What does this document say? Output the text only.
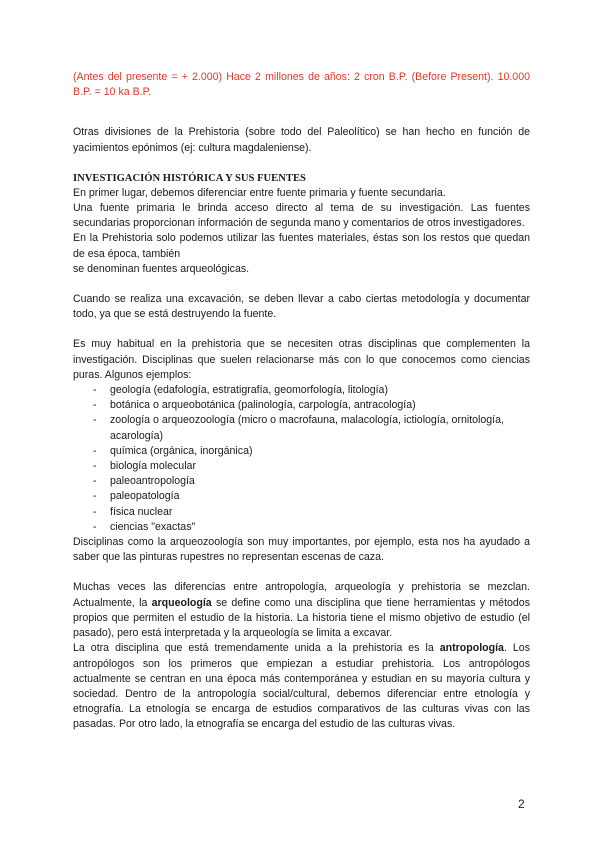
(Antes del presente = + 2.000) Hace 2 millones de años: 2 cron B.P. (Before Present). 10.000 B.P. = 10 ka B.P.

Otras divisiones de la Prehistoria (sobre todo del Paleolítico) se han hecho en función de yacimientos epónimos (ej: cultura magdaleniense).

INVESTIGACIÓN HISTÓRICA Y SUS FUENTES

En primer lugar, debemos diferenciar entre fuente primaria y fuente secundaria.

Una fuente primaria le brinda acceso directo al tema de su investigación. Las fuentes secundarias proporcionan información de segunda mano y comentarios de otros investigadores.

En la Prehistoria solo podemos utilizar las fuentes materiales, éstas son los restos que quedan de esa época, también

se denominan fuentes arqueológicas.

Cuando se realiza una excavación, se deben llevar a cabo ciertas metodología y documentar todo, ya que se está destruyendo la fuente.

Es muy habitual en la prehistoria que se necesiten otras disciplinas que complementen la investigación. Disciplinas que suelen relacionarse más con lo que conocemos como ciencias puras. Algunos ejemplos:

- geología (edafología, estratigrafía, geomorfología, litología)
- botánica o arqueobotánica (palinología, carpología, antracología)
- zoología o arqueozoología (micro o macrofauna, malacología, ictiología, ornitología, acarología)
- química (orgánica, inorgánica)
- biología molecular
- paleoantropología
- paleopatología
- física nuclear
- ciencias "exactas"

Disciplinas como la arqueozoología son muy importantes, por ejemplo, esta nos ha ayudado a saber que las pinturas rupestres no representan escenas de caza.

Muchas veces las diferencias entre antropología, arqueología y prehistoria se mezclan. Actualmente, la arqueología se define como una disciplina que tiene herramientas y métodos propios que permiten el estudio de la historia. La historia tiene el mismo objetivo de estudio (el pasado), pero está interpretada y la arqueología se limita a excavar.

La otra disciplina que está tremendamente unida a la prehistoria es la antropología. Los antropólogos son los primeros que empiezan a estudiar prehistoria. Los antropólogos actualmente se centran en una época más contemporánea y estudian en su mayoría cultura y sociedad. Dentro de la antropología social/cultural, debemos diferenciar entre etnología y etnografía. La etnología se encarga de estudios comparativos de las culturas vivas con las pasadas. Por otro lado, la etnografía se encarga del estudio de las culturas vivas.

2
